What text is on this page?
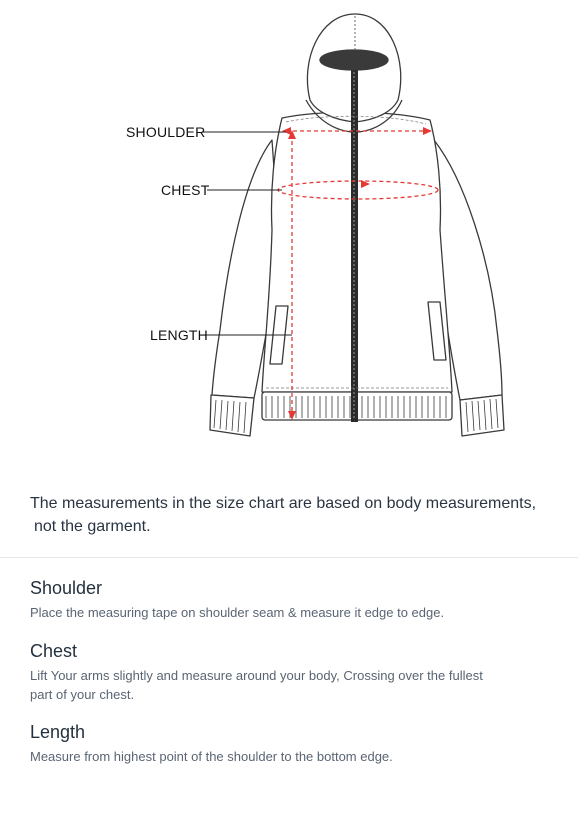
SHOULDER
CHEST
LENGTH
The measurements in the size chart are based on body measurements,
not the garment.
Shoulder

Place the measuring tape on shoulder seam & measure it edge to edge.

Chest

Lift Your arms slightly and measure around your body, Crossing over the fullest
part of your chest.

Length

Measure from highest point of the shoulder to the bottom edge.
